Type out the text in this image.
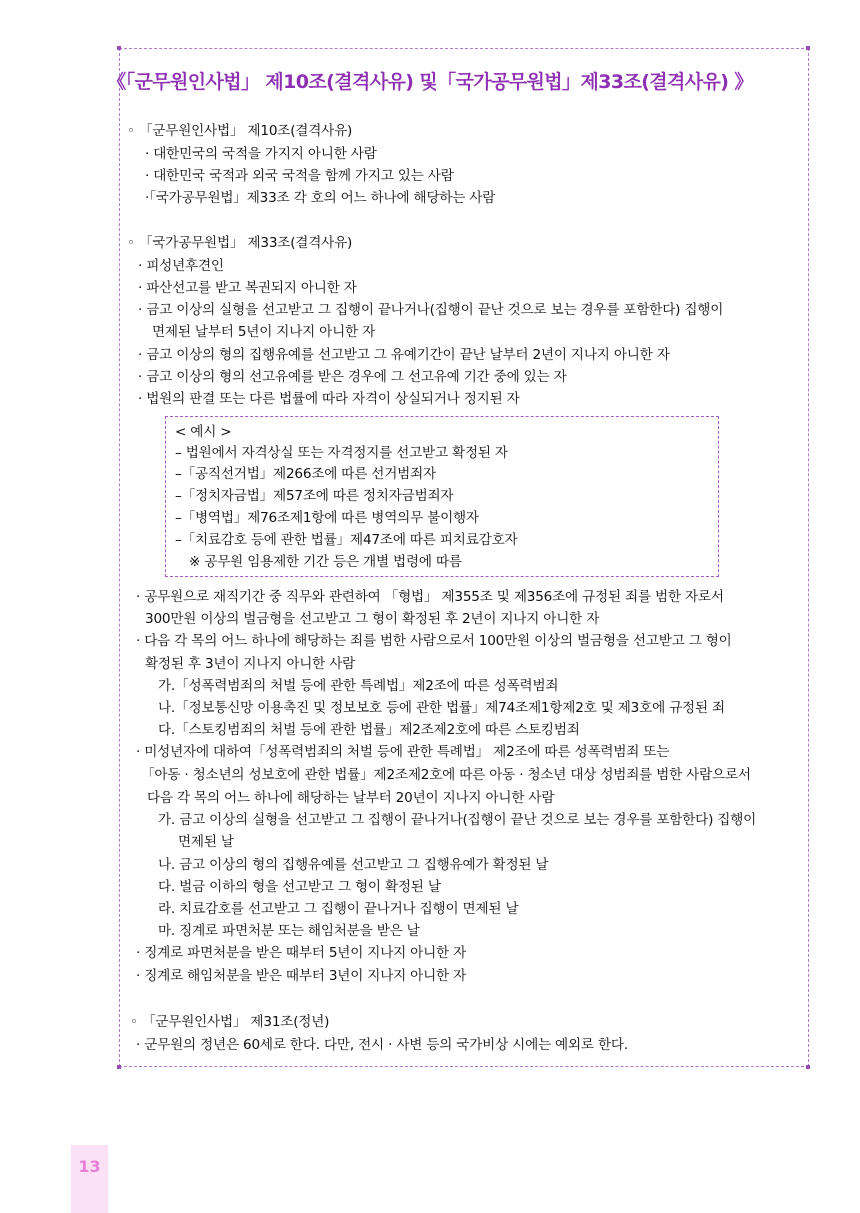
《「군무원인사법」 제10조(결격사유) 및「국가공무원법」제33조(결격사유) 》
◦ 「군무원인사법」 제10조(결격사유)
· 대한민국의 국적을 가지지 아니한 사람
· 대한민국 국적과 외국 국적을 함께 가지고 있는 사람
·「국가공무원법」제33조 각 호의 어느 하나에 해당하는 사람
◦ 「국가공무원법」 제33조(결격사유)
· 피성년후견인
· 파산선고를 받고 복권되지 아니한 자
· 금고 이상의 실형을 선고받고 그 집행이 끝나거나(집행이 끝난 것으로 보는 경우를 포함한다) 집행이
면제된 날부터 5년이 지나지 아니한 자
· 금고 이상의 형의 집행유예를 선고받고 그 유예기간이 끝난 날부터 2년이 지나지 아니한 자
· 금고 이상의 형의 선고유예를 받은 경우에 그 선고유예 기간 중에 있는 자
· 법원의 판결 또는 다른 법률에 따라 자격이 상실되거나 정지된 자
< 예시 >
– 법원에서 자격상실 또는 자격정지를 선고받고 확정된 자
–「공직선거법」제266조에 따른 선거범죄자
–「정치자금법」제57조에 따른 정치자금범죄자
–「병역법」제76조제1항에 따른 병역의무 불이행자
–「치료감호 등에 관한 법률」제47조에 따른 피치료감호자
※ 공무원 임용제한 기간 등은 개별 법령에 따름
· 공무원으로 재직기간 중 직무와 관련하여 「형법」 제355조 및 제356조에 규정된 죄를 범한 자로서
300만원 이상의 벌금형을 선고받고 그 형이 확정된 후 2년이 지나지 아니한 자
· 다음 각 목의 어느 하나에 해당하는 죄를 범한 사람으로서 100만원 이상의 벌금형을 선고받고 그 형이
확정된 후 3년이 지나지 아니한 사람
가.「성폭력범죄의 처벌 등에 관한 특례법」제2조에 따른 성폭력범죄
나.「정보통신망 이용촉진 및 정보보호 등에 관한 법률」제74조제1항제2호 및 제3호에 규정된 죄
다.「스토킹범죄의 처벌 등에 관한 법률」제2조제2호에 따른 스토킹범죄
· 미성년자에 대하여「성폭력범죄의 처벌 등에 관한 특례법」 제2조에 따른 성폭력범죄 또는
「아동 · 청소년의 성보호에 관한 법률」제2조제2호에 따른 아동 · 청소년 대상 성범죄를 범한 사람으로서
다음 각 목의 어느 하나에 해당하는 날부터 20년이 지나지 아니한 사람
가. 금고 이상의 실형을 선고받고 그 집행이 끝나거나(집행이 끝난 것으로 보는 경우를 포함한다) 집행이
면제된 날
나. 금고 이상의 형의 집행유예를 선고받고 그 집행유예가 확정된 날
다. 벌금 이하의 형을 선고받고 그 형이 확정된 날
라. 치료감호를 선고받고 그 집행이 끝나거나 집행이 면제된 날
마. 징계로 파면처분 또는 해임처분을 받은 날
· 징계로 파면처분을 받은 때부터 5년이 지나지 아니한 자
· 징계로 해임처분을 받은 때부터 3년이 지나지 아니한 자
◦ 「군무원인사법」 제31조(정년)
· 군무원의 정년은 60세로 한다. 다만, 전시 · 사변 등의 국가비상 시에는 예외로 한다.
13
